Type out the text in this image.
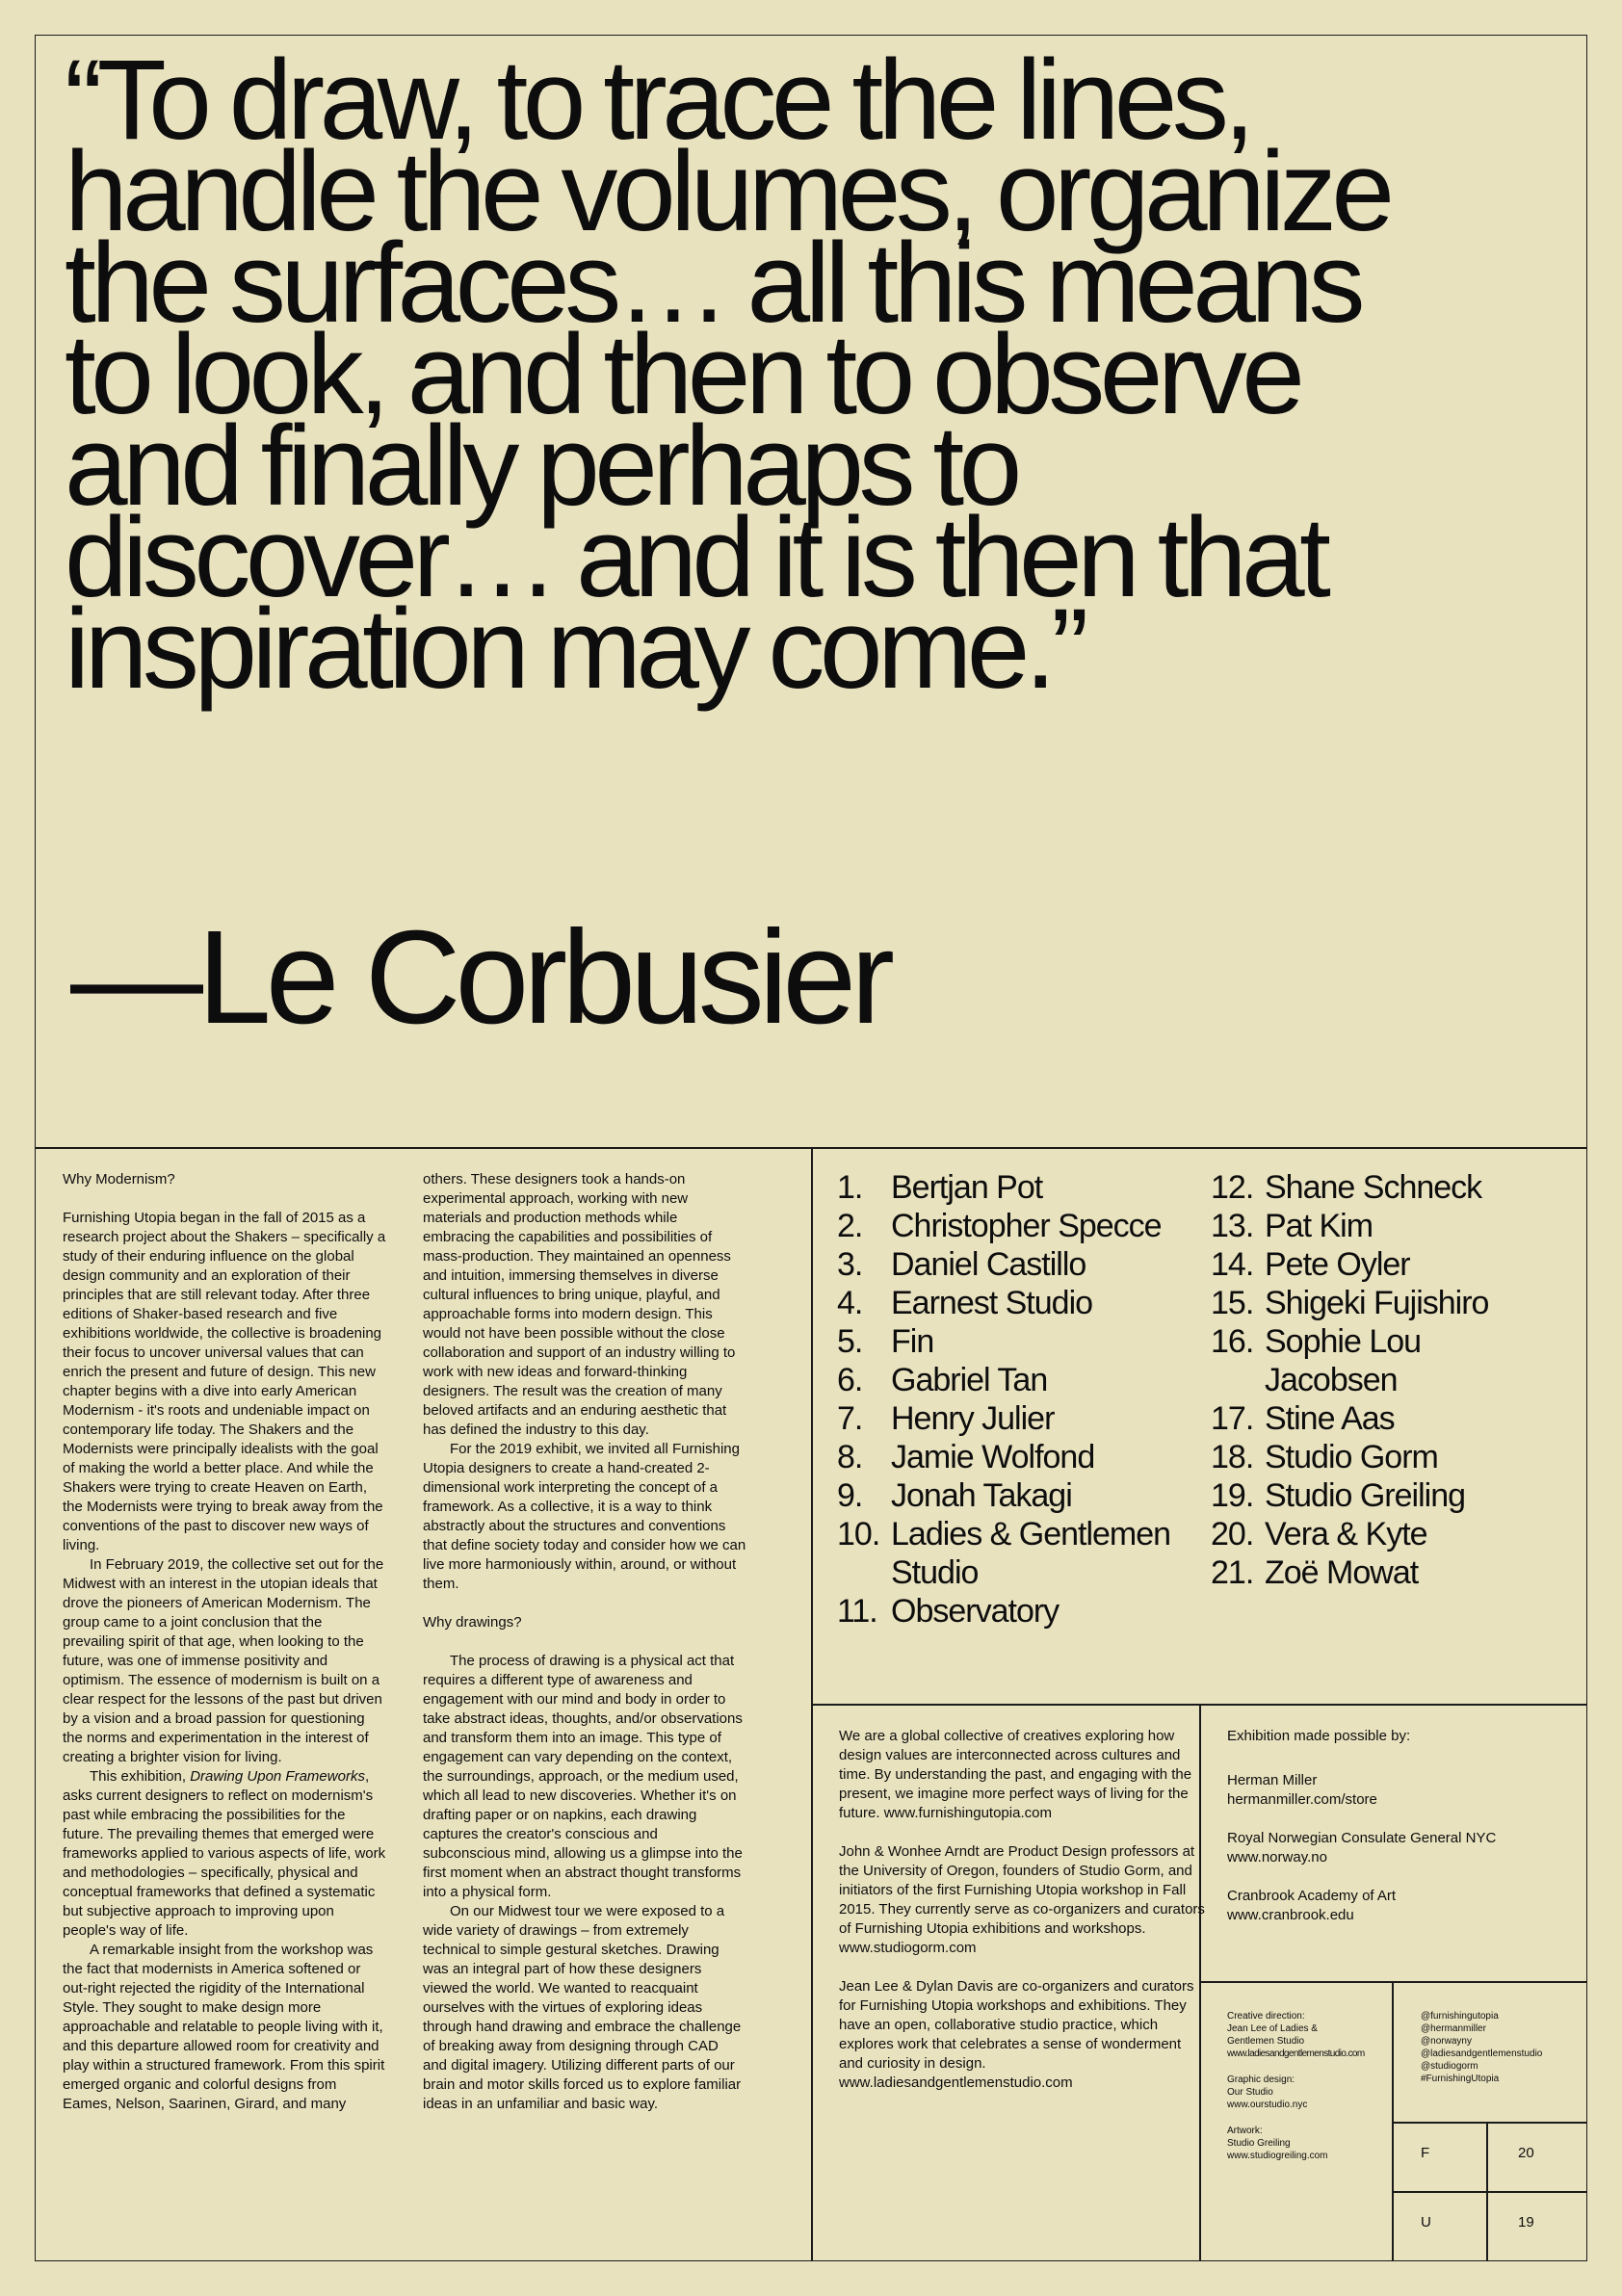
“To draw, to trace the lines,

handle the volumes, organize

the surfaces… all this means

to look, and then to observe

and finally perhaps to

discover… and it is then that

inspiration may come.”

—Le Corbusier

Why Modernism?

Furnishing Utopia began in the fall of 2015 as a research project about the Shakers – specifically a study of their enduring influence on the global design community and an exploration of their principles that are still relevant today. After three editions of Shaker-based research and five exhibitions worldwide, the collective is broadening their focus to uncover universal values that can enrich the present and future of design. This new chapter begins with a dive into early American Modernism - it's roots and undeniable impact on contemporary life today. The Shakers and the Modernists were principally idealists with the goal of making the world a better place. And while the Shakers were trying to create Heaven on Earth, the Modernists were trying to break away from the conventions of the past to discover new ways of living.

In February 2019, the collective set out for the Midwest with an interest in the utopian ideals that drove the pioneers of American Modernism. The group came to a joint conclusion that the prevailing spirit of that age, when looking to the future, was one of immense positivity and optimism. The essence of modernism is built on a clear respect for the lessons of the past but driven by a vision and a broad passion for questioning the norms and experimentation in the interest of creating a brighter vision for living.

This exhibition, Drawing Upon Frameworks, asks current designers to reflect on modernism's past while embracing the possibilities for the future. The prevailing themes that emerged were frameworks applied to various aspects of life, work and methodologies – specifically, physical and conceptual frameworks that defined a systematic but subjective approach to improving upon people's way of life.

A remarkable insight from the workshop was the fact that modernists in America softened or out-right rejected the rigidity of the International Style. They sought to make design more approachable and relatable to people living with it, and this departure allowed room for creativity and play within a structured framework. From this spirit emerged organic and colorful designs from Eames, Nelson, Saarinen, Girard, and many

others. These designers took a hands-on experimental approach, working with new materials and production methods while embracing the capabilities and possibilities of mass-production. They maintained an openness and intuition, immersing themselves in diverse cultural influences to bring unique, playful, and approachable forms into modern design. This would not have been possible without the close collaboration and support of an industry willing to work with new ideas and forward-thinking designers. The result was the creation of many beloved artifacts and an enduring aesthetic that has defined the industry to this day.

For the 2019 exhibit, we invited all Furnishing Utopia designers to create a hand-created 2-dimensional work interpreting the concept of a framework. As a collective, it is a way to think abstractly about the structures and conventions that define society today and consider how we can live more harmoniously within, around, or without them.

Why drawings?

The process of drawing is a physical act that requires a different type of awareness and engagement with our mind and body in order to take abstract ideas, thoughts, and/or observations and transform them into an image. This type of engagement can vary depending on the context, the surroundings, approach, or the medium used, which all lead to new discoveries. Whether it's on drafting paper or on napkins, each drawing captures the creator's conscious and subconscious mind, allowing us a glimpse into the first moment when an abstract thought transforms into a physical form.

On our Midwest tour we were exposed to a wide variety of drawings – from extremely technical to simple gestural sketches. Drawing was an integral part of how these designers viewed the world. We wanted to reacquaint ourselves with the virtues of exploring ideas through hand drawing and embrace the challenge of breaking away from designing through CAD and digital imagery. Utilizing different parts of our brain and motor skills forced us to explore familiar ideas in an unfamiliar and basic way.

1. Bertjan Pot
2. Christopher Specce
3. Daniel Castillo
4. Earnest Studio
5. Fin
6. Gabriel Tan
7. Henry Julier
8. Jamie Wolfond
9. Jonah Takagi
10. Ladies & Gentlemen Studio
11. Observatory
12. Shane Schneck
13. Pat Kim
14. Pete Oyler
15. Shigeki Fujishiro
16. Sophie Lou Jacobsen
17. Stine Aas
18. Studio Gorm
19. Studio Greiling
20. Vera & Kyte
21. Zoë Mowat

We are a global collective of creatives exploring how design values are interconnected across cultures and time. By understanding the past, and engaging with the present, we imagine more perfect ways of living for the future. www.furnishingutopia.com

John & Wonhee Arndt are Product Design professors at the University of Oregon, founders of Studio Gorm, and initiators of the first Furnishing Utopia workshop in Fall 2015. They currently serve as co-organizers and curators of Furnishing Utopia exhibitions and workshops. www.studiogorm.com

Jean Lee & Dylan Davis are co-organizers and curators for Furnishing Utopia workshops and exhibitions. They have an open, collaborative studio practice, which explores work that celebrates a sense of wonderment and curiosity in design. www.ladiesandgentlemenstudio.com

Exhibition made possible by:

Herman Miller
hermanmiller.com/store

Royal Norwegian Consulate General NYC
www.norway.no

Cranbrook Academy of Art
www.cranbrook.edu

Creative direction:
Jean Lee of Ladies &
Gentlemen Studio
www.ladiesandgentlemenstudio.com
Graphic design:
Our Studio
www.ourstudio.nyc
Artwork:
Studio Greiling
www.studiogreiling.com
@furnishingutopia
@hermanmiller
@norwayny
@ladiesandgentlemenstudio
@studiogorm
#FurnishingUtopia
F	20
U	19
